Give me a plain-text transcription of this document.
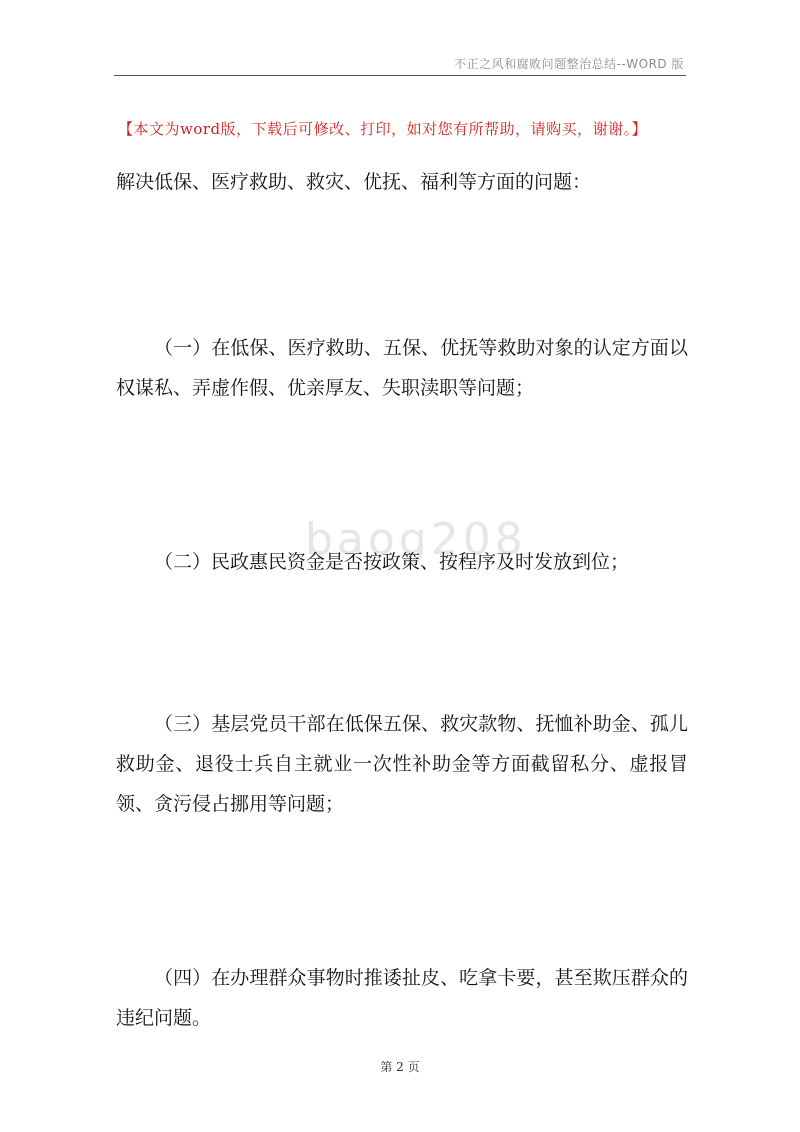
不正之风和腐败问题整治总结--WORD 版
【本文为word版，下载后可修改、打印，如对您有所帮助，请购买，谢谢。】
baog208

解决低保、医疗救助、救灾、优抚、福利等方面的问题：

（一）在低保、医疗救助、五保、优抚等救助对象的认定方面以权谋私、弄虚作假、优亲厚友、失职渎职等问题；

（二）民政惠民资金是否按政策、按程序及时发放到位；

（三）基层党员干部在低保五保、救灾款物、抚恤补助金、孤儿救助金、退役士兵自主就业一次性补助金等方面截留私分、虚报冒领、贪污侵占挪用等问题；

（四）在办理群众事物时推诿扯皮、吃拿卡要，甚至欺压群众的违纪问题。

第 2 页
